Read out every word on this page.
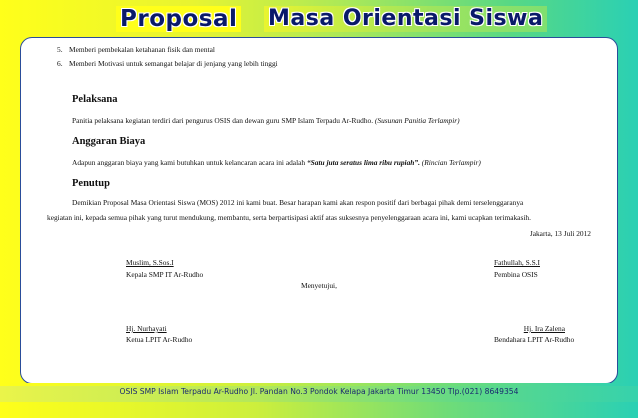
Proposal Masa Orientasi Siswa
5. Memberi pembekalan ketahanan fisik dan mental
6. Memberi Motivasi untuk semangat belajar di jenjang yang lebih tinggi
Pelaksana
Panitia pelaksana kegiatan terdiri dari pengurus OSIS dan dewan guru SMP Islam Terpadu Ar-Rudho. (Susunan Panitia Terlampir)
Anggaran Biaya
Adapun anggaran biaya yang kami butuhkan untuk kelancaran acara ini adalah “Satu juta seratus lima ribu rupiah”. (Rincian Terlampir)
Penutup
Demikian Proposal Masa Orientasi Siswa (MOS) 2012 ini kami buat. Besar harapan kami akan respon positif dari berbagai pihak demi terselenggaranya
kegiatan ini, kepada semua pihak yang turut mendukung, membantu, serta berpartisipasi aktif atas suksesnya penyelenggaraan acara ini, kami ucapkan terimakasih.
Jakarta, 13 Juli 2012
Muslim, S.Sos.I
Kepala SMP IT Ar-Rudho
Fathullah, S.S.I
Pembina OSIS
Menyetujui,
Hj. Nurhayati
Ketua LPIT Ar-Rudho
Hj. Ira Zalena
Bendahara LPIT Ar-Rudho
OSIS SMP Islam Terpadu Ar-Rudho Jl. Pandan No.3 Pondok Kelapa Jakarta Timur 13450 Tlp.(021) 8649354
